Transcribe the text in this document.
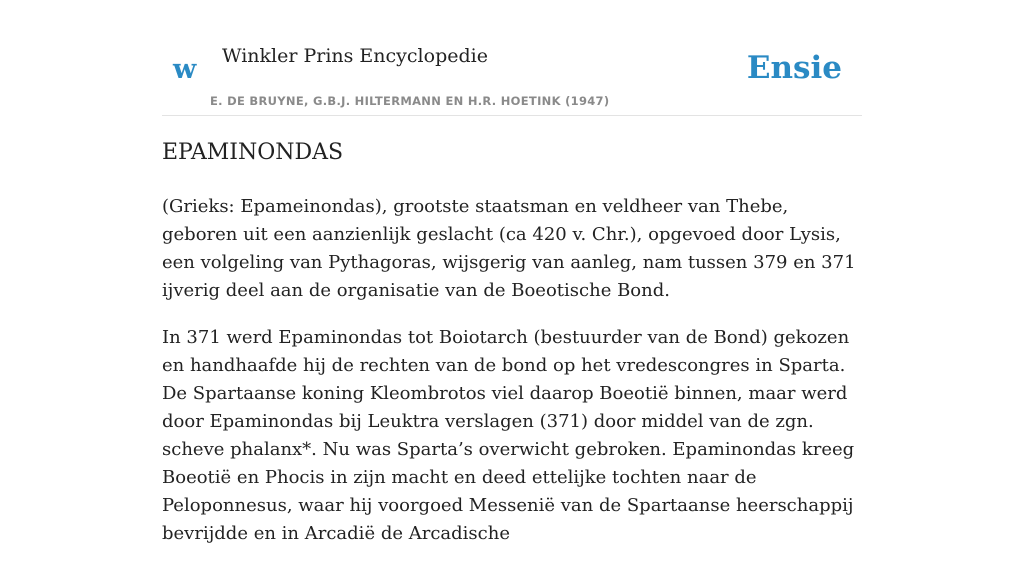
w Winkler Prins Encyclopedie	Ensie
E. DE BRUYNE, G.B.J. HILTERMANN EN H.R. HOETINK (1947)
EPAMINONDAS

(Grieks: Epameinondas), grootste staatsman en veldheer van Thebe, geboren uit een aanzienlijk geslacht (ca 420 v. Chr.), opgevoed door Lysis, een volgeling van Pythagoras, wijsgerig van aanleg, nam tussen 379 en 371 ijverig deel aan de organisatie van de Boeotische Bond.

In 371 werd Epaminondas tot Boiotarch (bestuurder van de Bond) gekozen en handhaafde hij de rechten van de bond op het vredescongres in Sparta. De Spartaanse koning Kleombrotos viel daarop Boeotië binnen, maar werd door Epaminondas bij Leuktra verslagen (371) door middel van de zgn. scheve phalanx*. Nu was Sparta’s overwicht gebroken. Epaminondas kreeg Boeotië en Phocis in zijn macht en deed ettelijke tochten naar de Peloponnesus, waar hij voorgoed Messenië van de Spartaanse heerschappij bevrijdde en in Arcadië de Arcadische
